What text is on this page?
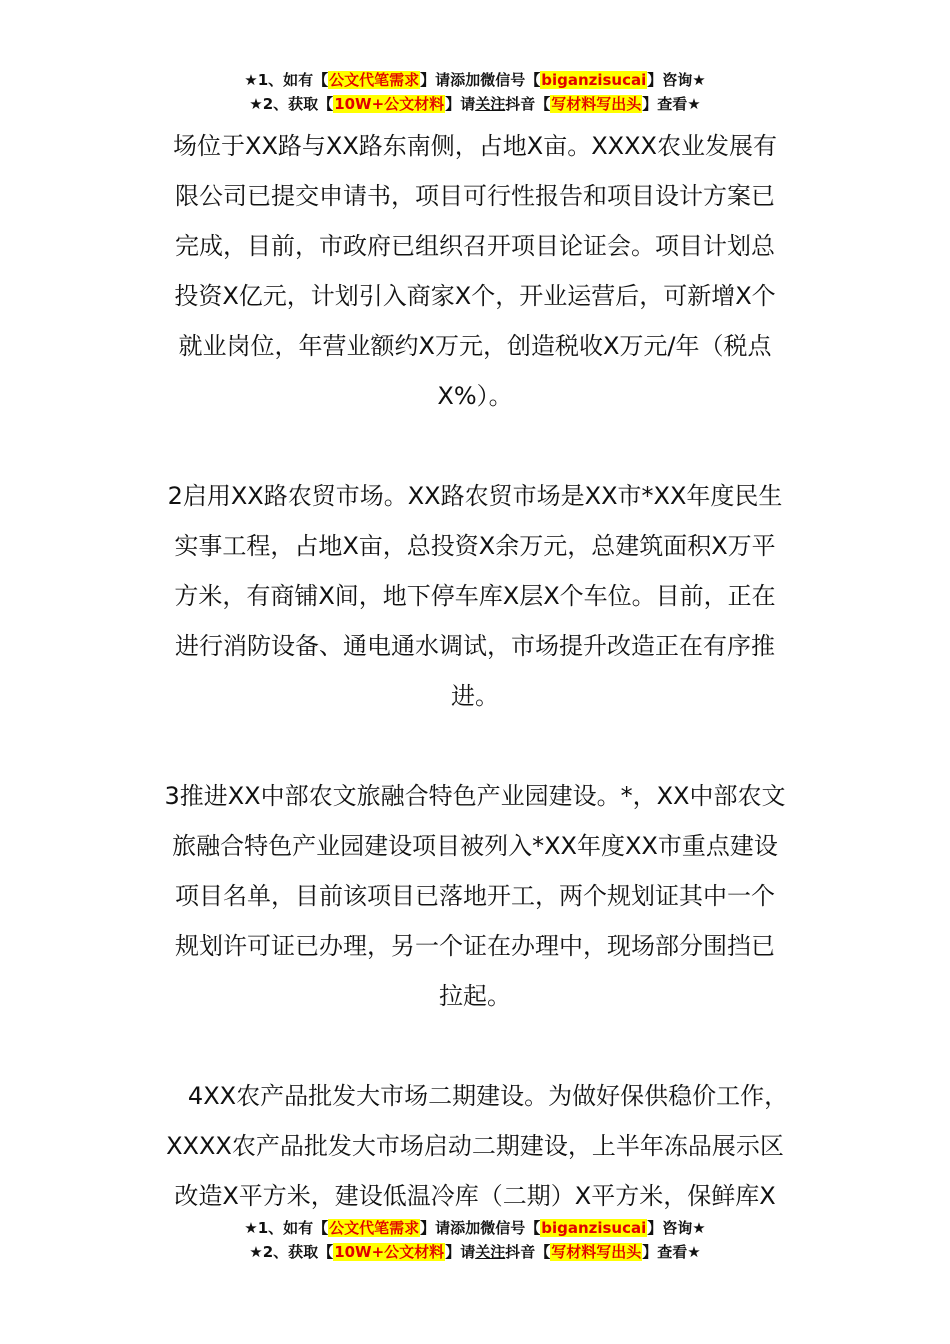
★1、如有【公文代笔需求】请添加微信号【biganzisucai】咨询★
★2、获取【10W+公文材料】请关注抖音【写材料写出头】查看★
场位于XX路与XX路东南侧，占地X亩。XXXX农业发展有
限公司已提交申请书，项目可行性报告和项目设计方案已
完成，目前，市政府已组织召开项目论证会。项目计划总
投资X亿元，计划引入商家X个，开业运营后，可新增X个
就业岗位，年营业额约X万元，创造税收X万元/年（税点
X%）。
2启用XX路农贸市场。XX路农贸市场是XX市*XX年度民生
实事工程，占地X亩，总投资X余万元，总建筑面积X万平
方米，有商铺X间，地下停车库X层X个车位。目前，正在
进行消防设备、通电通水调试，市场提升改造正在有序推
进。
3推进XX中部农文旅融合特色产业园建设。*，XX中部农文
旅融合特色产业园建设项目被列入*XX年度XX市重点建设
项目名单，目前该项目已落地开工，两个规划证其中一个
规划许可证已办理，另一个证在办理中，现场部分围挡已
拉起。
4XX农产品批发大市场二期建设。为做好保供稳价工作，
XXXX农产品批发大市场启动二期建设，上半年冻品展示区
改造X平方米，建设低温冷库（二期）X平方米，保鲜库X
★1、如有【公文代笔需求】请添加微信号【biganzisucai】咨询★
★2、获取【10W+公文材料】请关注抖音【写材料写出头】查看★
